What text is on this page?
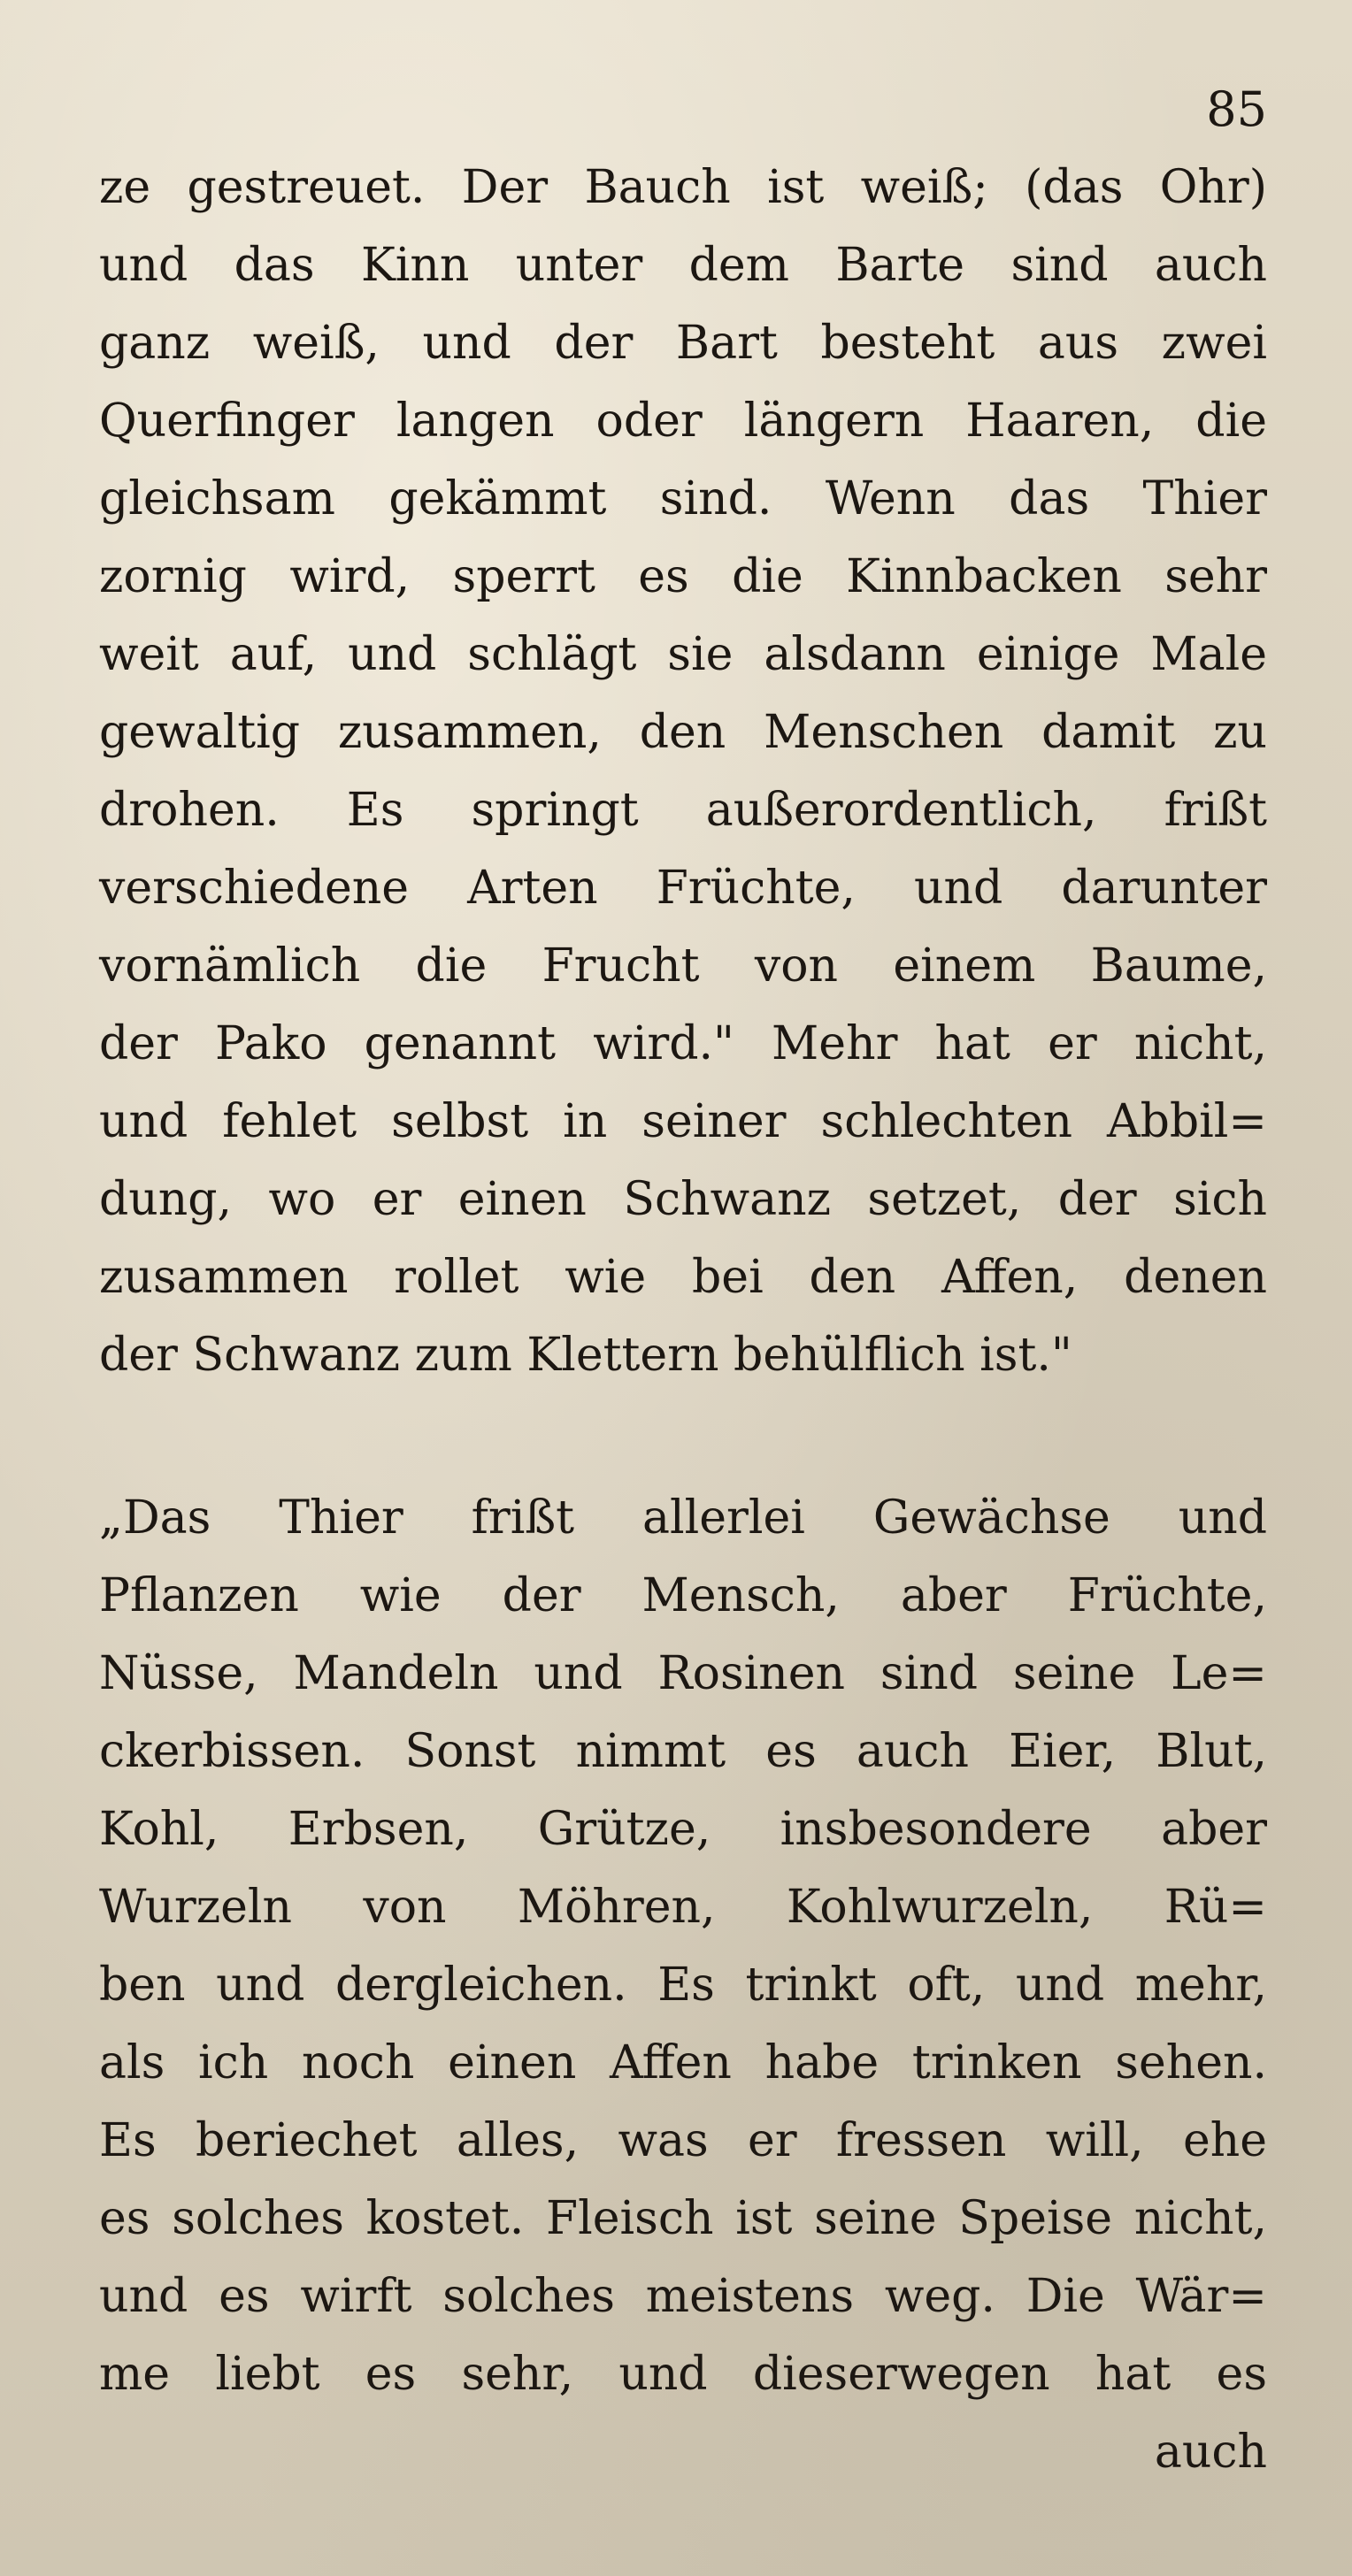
85
ze gestreuet. Der Bauch ist weiß; (das Ohr)
und das Kinn unter dem Barte sind auch
ganz weiß, und der Bart besteht aus zwei
Querfinger langen oder längern Haaren, die
gleichsam gekämmt sind. Wenn das Thier
zornig wird, sperrt es die Kinnbacken sehr
weit auf, und schlägt sie alsdann einige Male
gewaltig zusammen, den Menschen damit zu
drohen. Es springt außerordentlich, frißt
verschiedene Arten Früchte, und darunter
vornämlich die Frucht von einem Baume,
der Pako genannt wird." Mehr hat er nicht,
und fehlet selbst in seiner schlechten Abbil=
dung, wo er einen Schwanz setzet, der sich
zusammen rollet wie bei den Affen, denen
der Schwanz zum Klettern behülflich ist."
„Das Thier frißt allerlei Gewächse und
Pflanzen wie der Mensch, aber Früchte,
Nüsse, Mandeln und Rosinen sind seine Le=
ckerbissen. Sonst nimmt es auch Eier, Blut,
Kohl, Erbsen, Grütze, insbesondere aber
Wurzeln von Möhren, Kohlwurzeln, Rü=
ben und dergleichen. Es trinkt oft, und mehr,
als ich noch einen Affen habe trinken sehen.
Es beriechet alles, was er fressen will, ehe
es solches kostet. Fleisch ist seine Speise nicht,
und es wirft solches meistens weg. Die Wär=
me liebt es sehr, und dieserwegen hat es
auch
